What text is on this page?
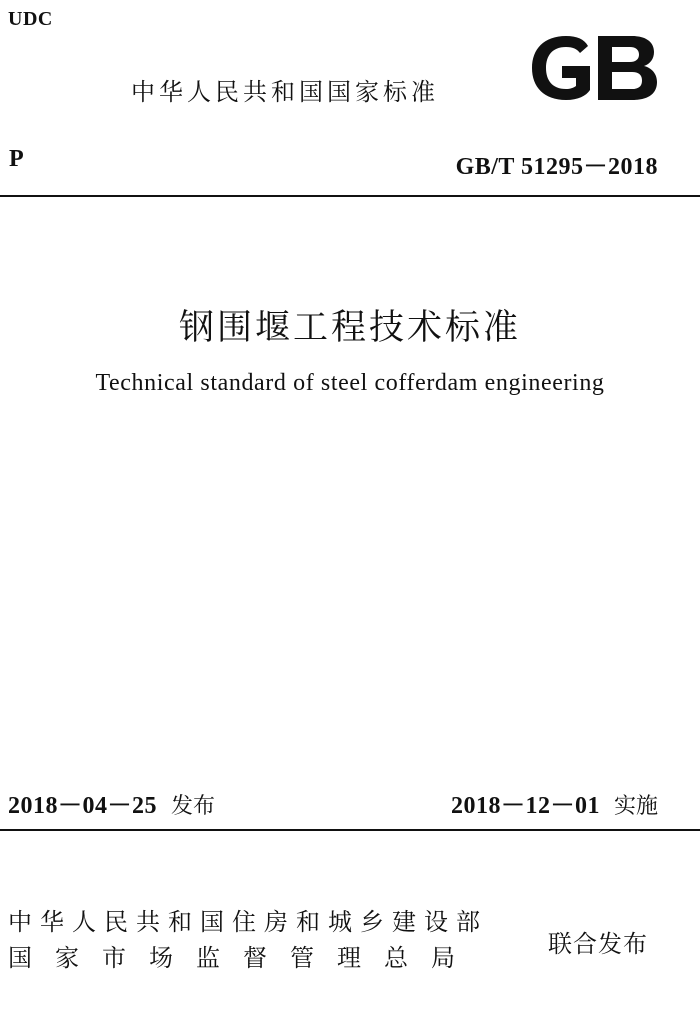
UDC
中华人民共和国国家标准
P	GB/T 51295－2018
钢围堰工程技术标准
Technical standard of steel cofferdam engineering
2018－04－25 发布	2018－12－01 实施
中华人民共和国住房和城乡建设部
国家市场监督管理总局	联合发布
